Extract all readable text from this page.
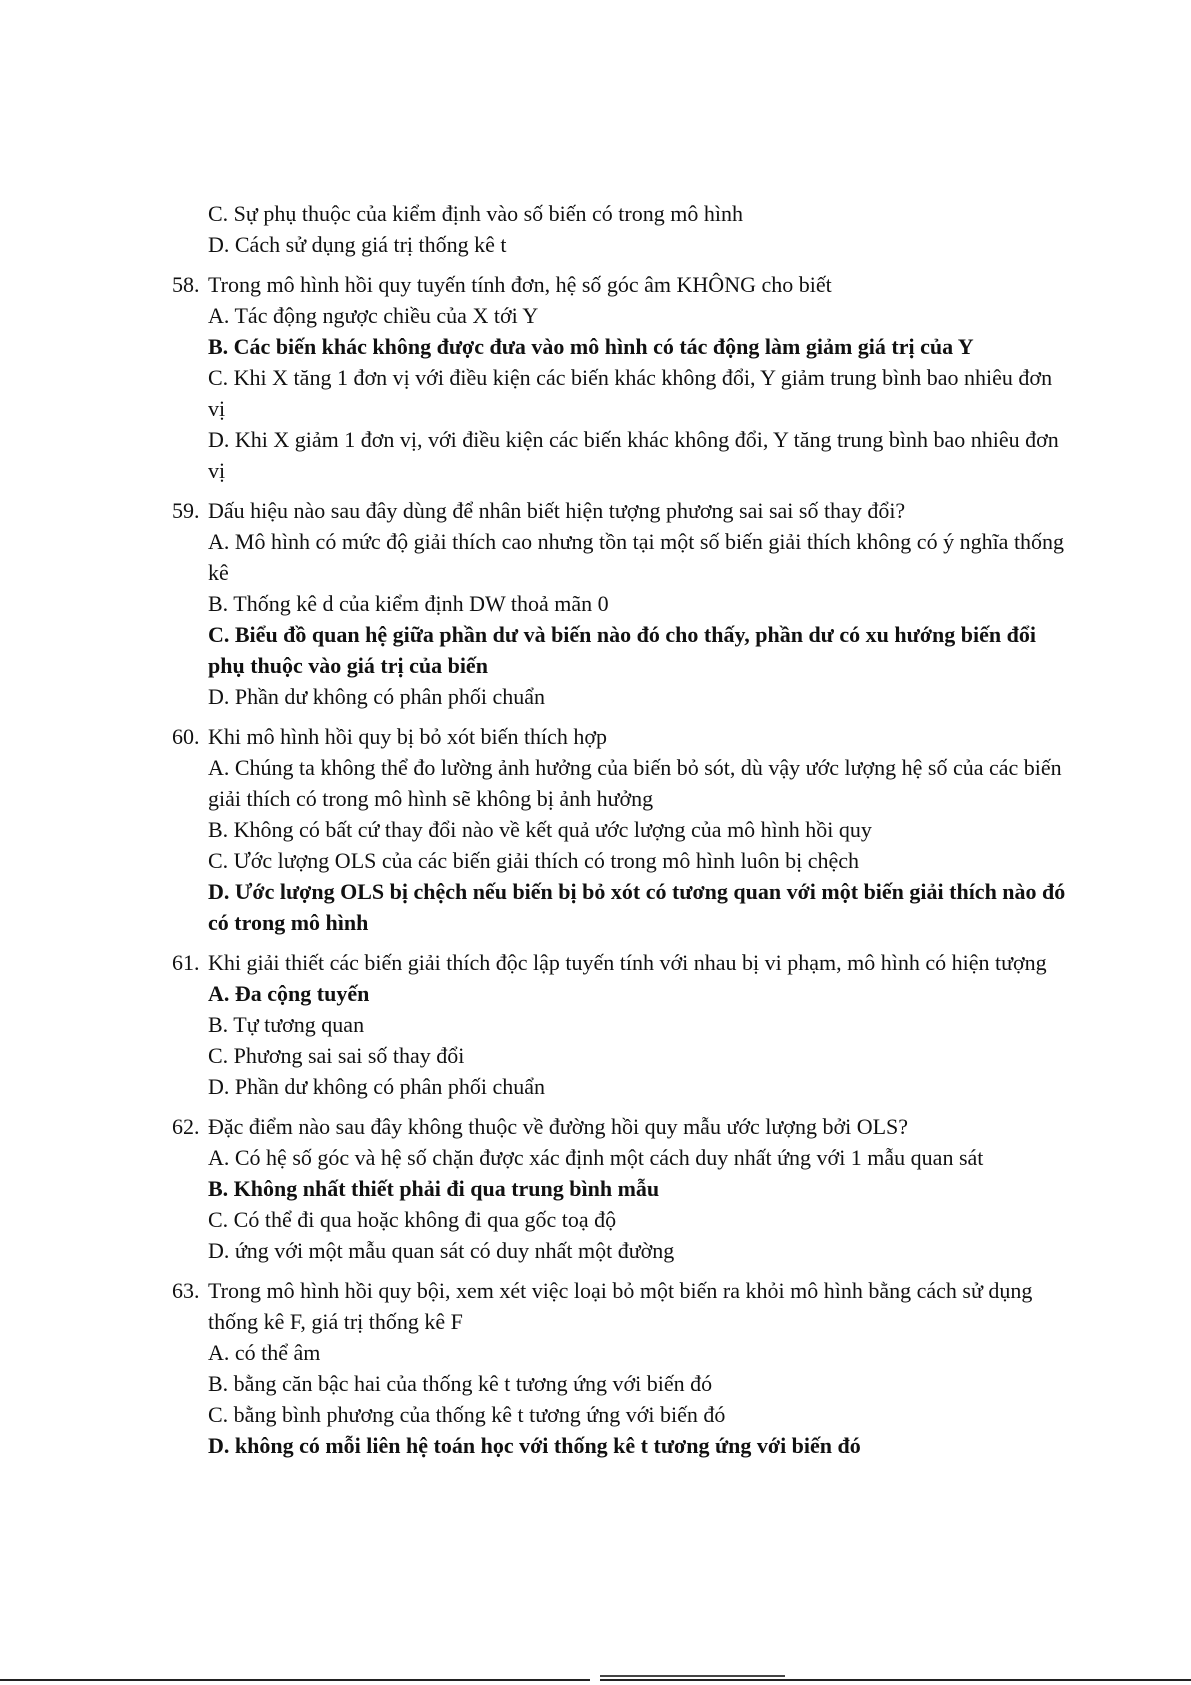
C. Sự phụ thuộc của kiểm định vào số biến có trong mô hình

D. Cách sử dụng giá trị thống kê t

58. Trong mô hình hồi quy tuyến tính đơn, hệ số góc âm KHÔNG cho biết

A. Tác động ngược chiều của X tới Y

B. Các biến khác không được đưa vào mô hình có tác động làm giảm giá trị của Y

C. Khi X tăng 1 đơn vị với điều kiện các biến khác không đổi, Y giảm trung bình bao nhiêu đơn vị

D. Khi X giảm 1 đơn vị, với điều kiện các biến khác không đổi, Y tăng trung bình bao nhiêu đơn vị

59. Dấu hiệu nào sau đây dùng để nhân biết hiện tượng phương sai sai số thay đổi?

A. Mô hình có mức độ giải thích cao nhưng tồn tại một số biến giải thích không có ý nghĩa thống kê

B. Thống kê d của kiểm định DW thoả mãn 0

C. Biểu đồ quan hệ giữa phần dư và biến nào đó cho thấy, phần dư có xu hướng biến đổi phụ thuộc vào giá trị của biến

D. Phần dư không có phân phối chuẩn

60. Khi mô hình hồi quy bị bỏ xót biến thích hợp

A. Chúng ta không thể đo lường ảnh hưởng của biến bỏ sót, dù vậy ước lượng hệ số của các biến giải thích có trong mô hình sẽ không bị ảnh hưởng

B. Không có bất cứ thay đổi nào về kết quả ước lượng của mô hình hồi quy

C. Ước lượng OLS của các biến giải thích có trong mô hình luôn bị chệch

D. Ước lượng OLS bị chệch nếu biến bị bỏ xót có tương quan với một biến giải thích nào đó có trong mô hình

61. Khi giải thiết các biến giải thích độc lập tuyến tính với nhau bị vi phạm, mô hình có hiện tượng

A. Đa cộng tuyến

B. Tự tương quan

C. Phương sai sai số thay đổi

D. Phần dư không có phân phối chuẩn

62. Đặc điểm nào sau đây không thuộc về đường hồi quy mẫu ước lượng bởi OLS?

A. Có hệ số góc và hệ số chặn được xác định một cách duy nhất ứng với 1 mẫu quan sát

B. Không nhất thiết phải đi qua trung bình mẫu

C. Có thể đi qua hoặc không đi qua gốc toạ độ

D. ứng với một mẫu quan sát có duy nhất một đường

63. Trong mô hình hồi quy bội, xem xét việc loại bỏ một biến ra khỏi mô hình bằng cách sử dụng thống kê F, giá trị thống kê F

A. có thể âm

B. bằng căn bậc hai của thống kê t tương ứng với biến đó

C. bằng bình phương của thống kê t tương ứng với biến đó

D. không có mỗi liên hệ toán học với thống kê t tương ứng với biến đó
